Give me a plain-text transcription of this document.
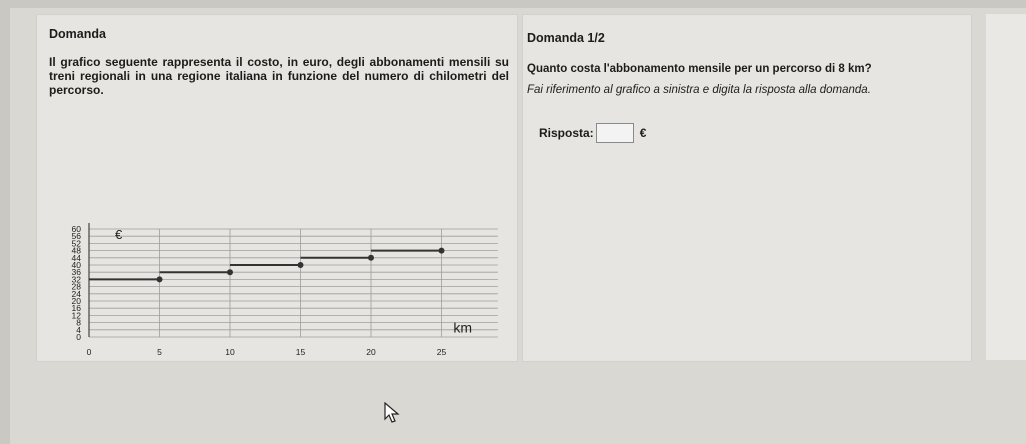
Domanda
Il grafico seguente rappresenta il costo, in euro, degli abbonamenti mensili su treni regionali in una regione italiana in funzione del numero di chilometri del percorso.
0
4
8
12
16
20
24
28
32
36
40
44
48
52
56
60
0	5	10	15	20	25
€
km
Domanda 1/2
Quanto costa l'abbonamento mensile per un percorso di 8 km?
Fai riferimento al grafico a sinistra e digita la risposta alla domanda.
Risposta:	€
